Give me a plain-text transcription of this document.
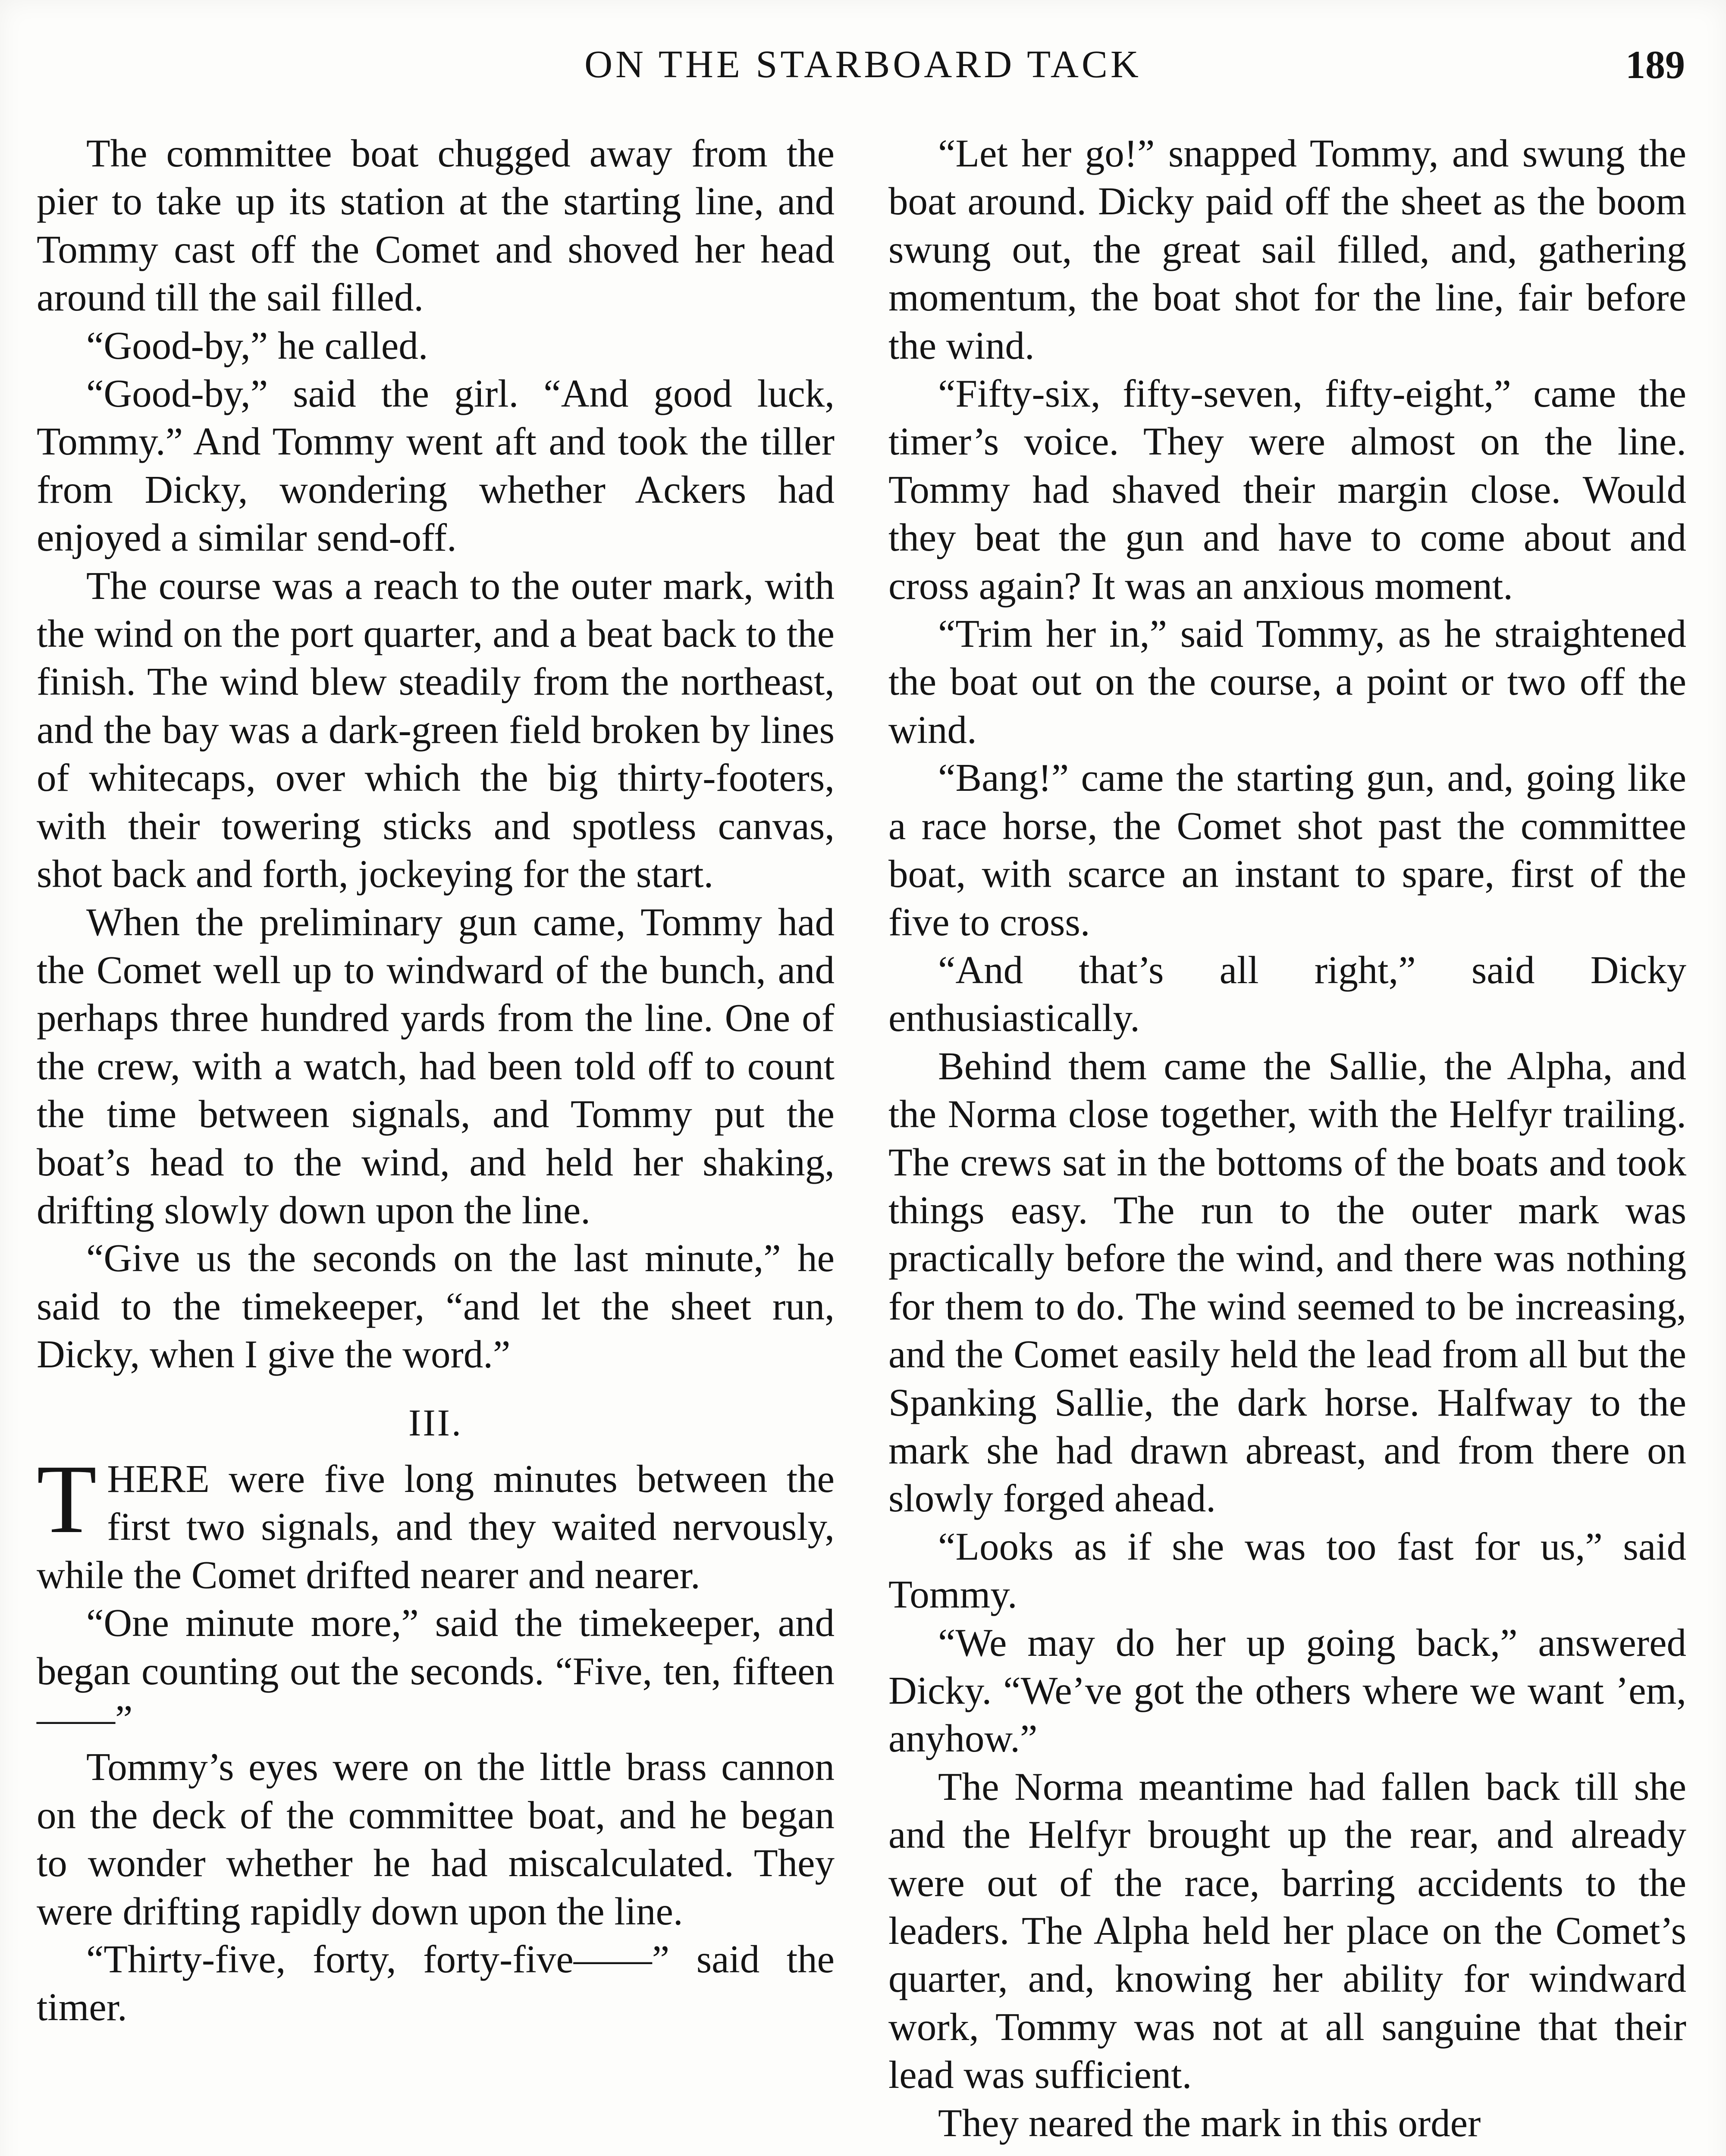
ON THE STARBOARD TACK	189

The committee boat chugged away from the pier to take up its station at the starting line, and Tommy cast off the Comet and shoved her head around till the sail filled.

“Good-by,” he called.

“Good-by,” said the girl. “And good luck, Tommy.” And Tommy went aft and took the tiller from Dicky, wondering whether Ackers had enjoyed a similar send-off.

The course was a reach to the outer mark, with the wind on the port quarter, and a beat back to the finish. The wind blew steadily from the northeast, and the bay was a dark-green field broken by lines of whitecaps, over which the big thirty-footers, with their towering sticks and spotless canvas, shot back and forth, jockeying for the start.

When the preliminary gun came, Tommy had the Comet well up to windward of the bunch, and perhaps three hundred yards from the line. One of the crew, with a watch, had been told off to count the time between signals, and Tommy put the boat’s head to the wind, and held her shaking, drifting slowly down upon the line.

“Give us the seconds on the last minute,” he said to the timekeeper, “and let the sheet run, Dicky, when I give the word.”

III.

THERE were five long minutes between the first two signals, and they waited nervously, while the Comet drifted nearer and nearer.

“One minute more,” said the timekeeper, and began counting out the seconds. “Five, ten, fifteen——”

Tommy’s eyes were on the little brass cannon on the deck of the committee boat, and he began to wonder whether he had miscalculated. They were drifting rapidly down upon the line.

“Thirty-five, forty, forty-five——” said the timer.

“Let her go!” snapped Tommy, and swung the boat around. Dicky paid off the sheet as the boom swung out, the great sail filled, and, gathering momentum, the boat shot for the line, fair before the wind.

“Fifty-six, fifty-seven, fifty-eight,” came the timer’s voice. They were almost on the line. Tommy had shaved their margin close. Would they beat the gun and have to come about and cross again? It was an anxious moment.

“Trim her in,” said Tommy, as he straightened the boat out on the course, a point or two off the wind.

“Bang!” came the starting gun, and, going like a race horse, the Comet shot past the committee boat, with scarce an instant to spare, first of the five to cross.

“And that’s all right,” said Dicky enthusiastically.

Behind them came the Sallie, the Alpha, and the Norma close together, with the Helfyr trailing. The crews sat in the bottoms of the boats and took things easy. The run to the outer mark was practically before the wind, and there was nothing for them to do. The wind seemed to be increasing, and the Comet easily held the lead from all but the Spanking Sallie, the dark horse. Halfway to the mark she had drawn abreast, and from there on slowly forged ahead.

“Looks as if she was too fast for us,” said Tommy.

“We may do her up going back,” answered Dicky. “We’ve got the others where we want ’em, anyhow.”

The Norma meantime had fallen back till she and the Helfyr brought up the rear, and already were out of the race, barring accidents to the leaders. The Alpha held her place on the Comet’s quarter, and, knowing her ability for windward work, Tommy was not at all sanguine that their lead was sufficient.

They neared the mark in this order
